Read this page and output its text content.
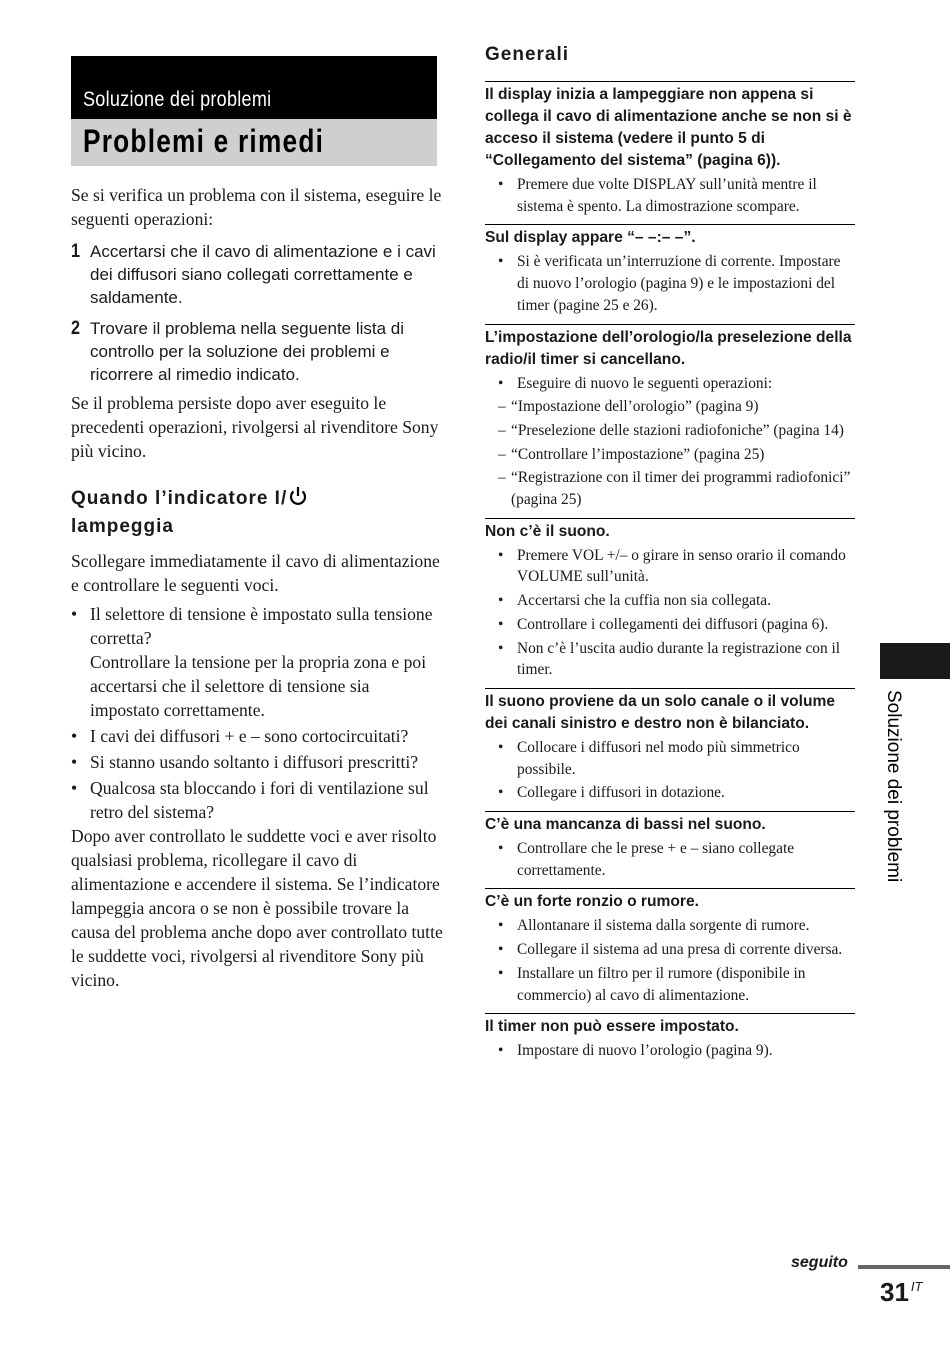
Soluzione dei problemi
Problemi e rimedi

Se si verifica un problema con il sistema, eseguire le seguenti operazioni:

1 Accertarsi che il cavo di alimentazione e i cavi dei diffusori siano collegati correttamente e saldamente.
2 Trovare il problema nella seguente lista di controllo per la soluzione dei problemi e ricorrere al rimedio indicato.

Se il problema persiste dopo aver eseguito le precedenti operazioni, rivolgersi al rivenditore Sony più vicino.

Quando l’indicatore I/
lampeggia

Scollegare immediatamente il cavo di alimentazione e controllare le seguenti voci.

• Il selettore di tensione è impostato sulla tensione corretta?
Controllare la tensione per la propria zona e poi accertarsi che il selettore di tensione sia impostato correttamente.
• I cavi dei diffusori + e – sono cortocircuitati?
• Si stanno usando soltanto i diffusori prescritti?
• Qualcosa sta bloccando i fori di ventilazione sul retro del sistema?

Dopo aver controllato le suddette voci e aver risolto qualsiasi problema, ricollegare il cavo di alimentazione e accendere il sistema. Se l’indicatore lampeggia ancora o se non è possibile trovare la causa del problema anche dopo aver controllato tutte le suddette voci, rivolgersi al rivenditore Sony più vicino.

Generali
Il display inizia a lampeggiare non appena si collega il cavo di alimentazione anche se non si è acceso il sistema (vedere il punto 5 di “Collegamento del sistema” (pagina 6)).
• Premere due volte DISPLAY sull’unità mentre il sistema è spento. La dimostrazione scompare.
Sul display appare “– –:– –”.
• Si è verificata un’interruzione di corrente. Impostare di nuovo l’orologio (pagina 9) e le impostazioni del timer (pagine 25 e 26).
L’impostazione dell’orologio/la preselezione della radio/il timer si cancellano.
• Eseguire di nuovo le seguenti operazioni:
– “Impostazione dell’orologio” (pagina 9)
– “Preselezione delle stazioni radiofoniche” (pagina 14)
– “Controllare l’impostazione” (pagina 25)
– “Registrazione con il timer dei programmi radiofonici” (pagina 25)
Non c’è il suono.
• Premere VOL +/– o girare in senso orario il comando VOLUME sull’unità.
• Accertarsi che la cuffia non sia collegata.
• Controllare i collegamenti dei diffusori (pagina 6).
• Non c’è l’uscita audio durante la registrazione con il timer.
Il suono proviene da un solo canale o il volume dei canali sinistro e destro non è bilanciato.
• Collocare i diffusori nel modo più simmetrico possibile.
• Collegare i diffusori in dotazione.
C’è una mancanza di bassi nel suono.
• Controllare che le prese + e – siano collegate correttamente.
C’è un forte ronzio o rumore.
• Allontanare il sistema dalla sorgente di rumore.
• Collegare il sistema ad una presa di corrente diversa.
• Installare un filtro per il rumore (disponibile in commercio) al cavo di alimentazione.
Il timer non può essere impostato.
• Impostare di nuovo l’orologio (pagina 9).
Soluzione dei problemi
seguito
31 $^{IT}$
